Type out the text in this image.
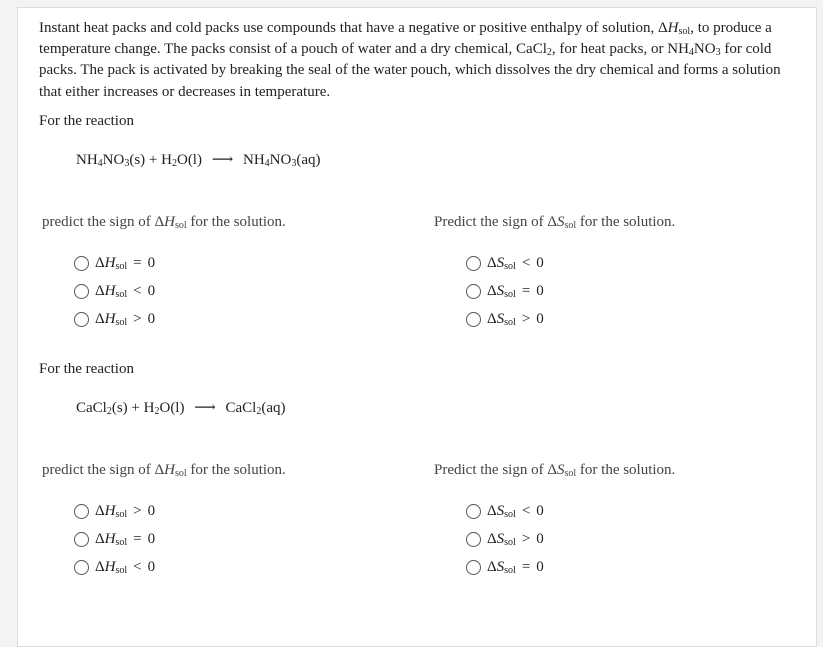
Instant heat packs and cold packs use compounds that have a negative or positive enthalpy of solution, $\Delta H_{sol}$, to produce a temperature change. The packs consist of a pouch of water and a dry chemical, CaCl$_2$, for heat packs, or $NH_4NO_3$ for cold packs. The pack is activated by breaking the seal of the water pouch, which dissolves the dry chemical and forms a solution that either increases or decreases in temperature.

For the reaction

$NH_4NO_3(s) + H_2O(l)$ ⟶ $NH_4NO_3(aq)$
predict the sign of $\Delta H_{sol}$ for the solution.	Predict the sign of $\Delta S_{sol}$ for the solution.
$\Delta H_{sol} = 0$
$\Delta H_{sol} < 0$
$\Delta H_{sol} > 0$
$\Delta S_{sol} < 0$
$\Delta S_{sol} = 0$
$\Delta S_{sol} > 0$

For the reaction

CaCl$_2$(s) + $H_2O(l)$ ⟶ CaCl$_2$(aq)
predict the sign of $\Delta H_{sol}$ for the solution.	Predict the sign of $\Delta S_{sol}$ for the solution.
$\Delta H_{sol} > 0$
$\Delta H_{sol} = 0$
$\Delta H_{sol} < 0$
$\Delta S_{sol} < 0$
$\Delta S_{sol} > 0$
$\Delta S_{sol} = 0$
